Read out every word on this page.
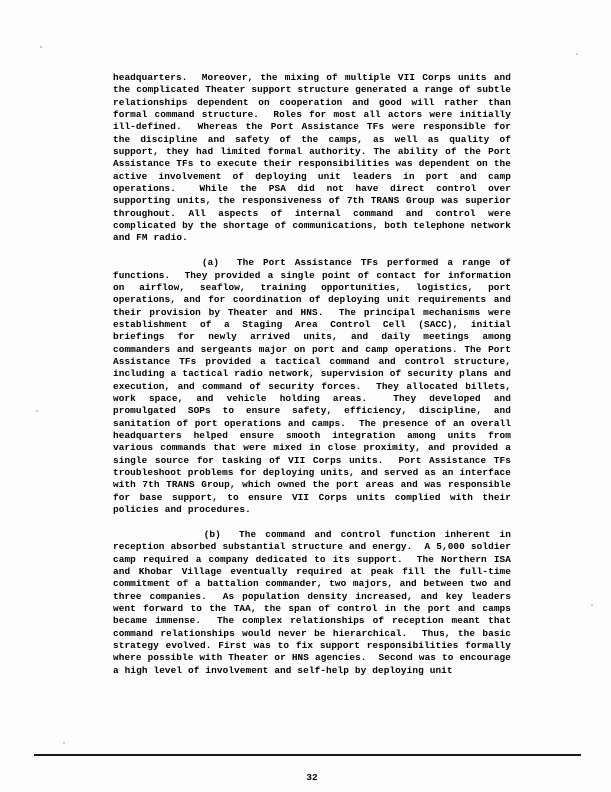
headquarters.  Moreover, the mixing of multiple VII Corps units and the complicated Theater support structure generated a range of subtle relationships dependent on cooperation and good will rather than formal command structure.  Roles for most all actors were initially ill-defined.  Whereas the Port Assistance TFs were responsible for the discipline and safety of the camps, as well as quality of support, they had limited formal authority. The ability of the Port Assistance TFs to execute their responsibilities was dependent on the active involvement of deploying unit leaders in port and camp operations.  While the PSA did not have direct control over supporting units, the responsiveness of 7th TRANS Group was superior throughout. All aspects of internal command and control were complicated by the shortage of communications, both telephone network and FM radio.

(a)  The Port Assistance TFs performed a range of functions.  They provided a single point of contact for information on airflow, seaflow, training opportunities, logistics, port operations, and for coordination of deploying unit requirements and their provision by Theater and HNS.  The principal mechanisms were establishment of a Staging Area Control Cell (SACC), initial briefings for newly arrived units, and daily meetings among commanders and sergeants major on port and camp operations. The Port Assistance TFs provided a tactical command and control structure, including a tactical radio network, supervision of security plans and execution, and command of security forces.  They allocated billets, work space, and vehicle holding areas.  They developed and promulgated SOPs to ensure safety, efficiency, discipline, and sanitation of port operations and camps.  The presence of an overall headquarters helped ensure smooth integration among units from various commands that were mixed in close proximity, and provided a single source for tasking of VII Corps units.  Port Assistance TFs troubleshoot problems for deploying units, and served as an interface with 7th TRANS Group, which owned the port areas and was responsible for base support, to ensure VII Corps units complied with their policies and procedures.

(b)  The command and control function inherent in reception absorbed substantial structure and energy.  A 5,000 soldier camp required a company dedicated to its support.  The Northern ISA and Khobar Village eventually required at peak fill the full-time commitment of a battalion commander, two majors, and between two and three companies.  As population density increased, and key leaders went forward to the TAA, the span of control in the port and camps became immense.  The complex relationships of reception meant that command relationships would never be hierarchical.  Thus, the basic strategy evolved. First was to fix support responsibilities formally where possible with Theater or HNS agencies.  Second was to encourage a high level of involvement and self-help by deploying unit

32
